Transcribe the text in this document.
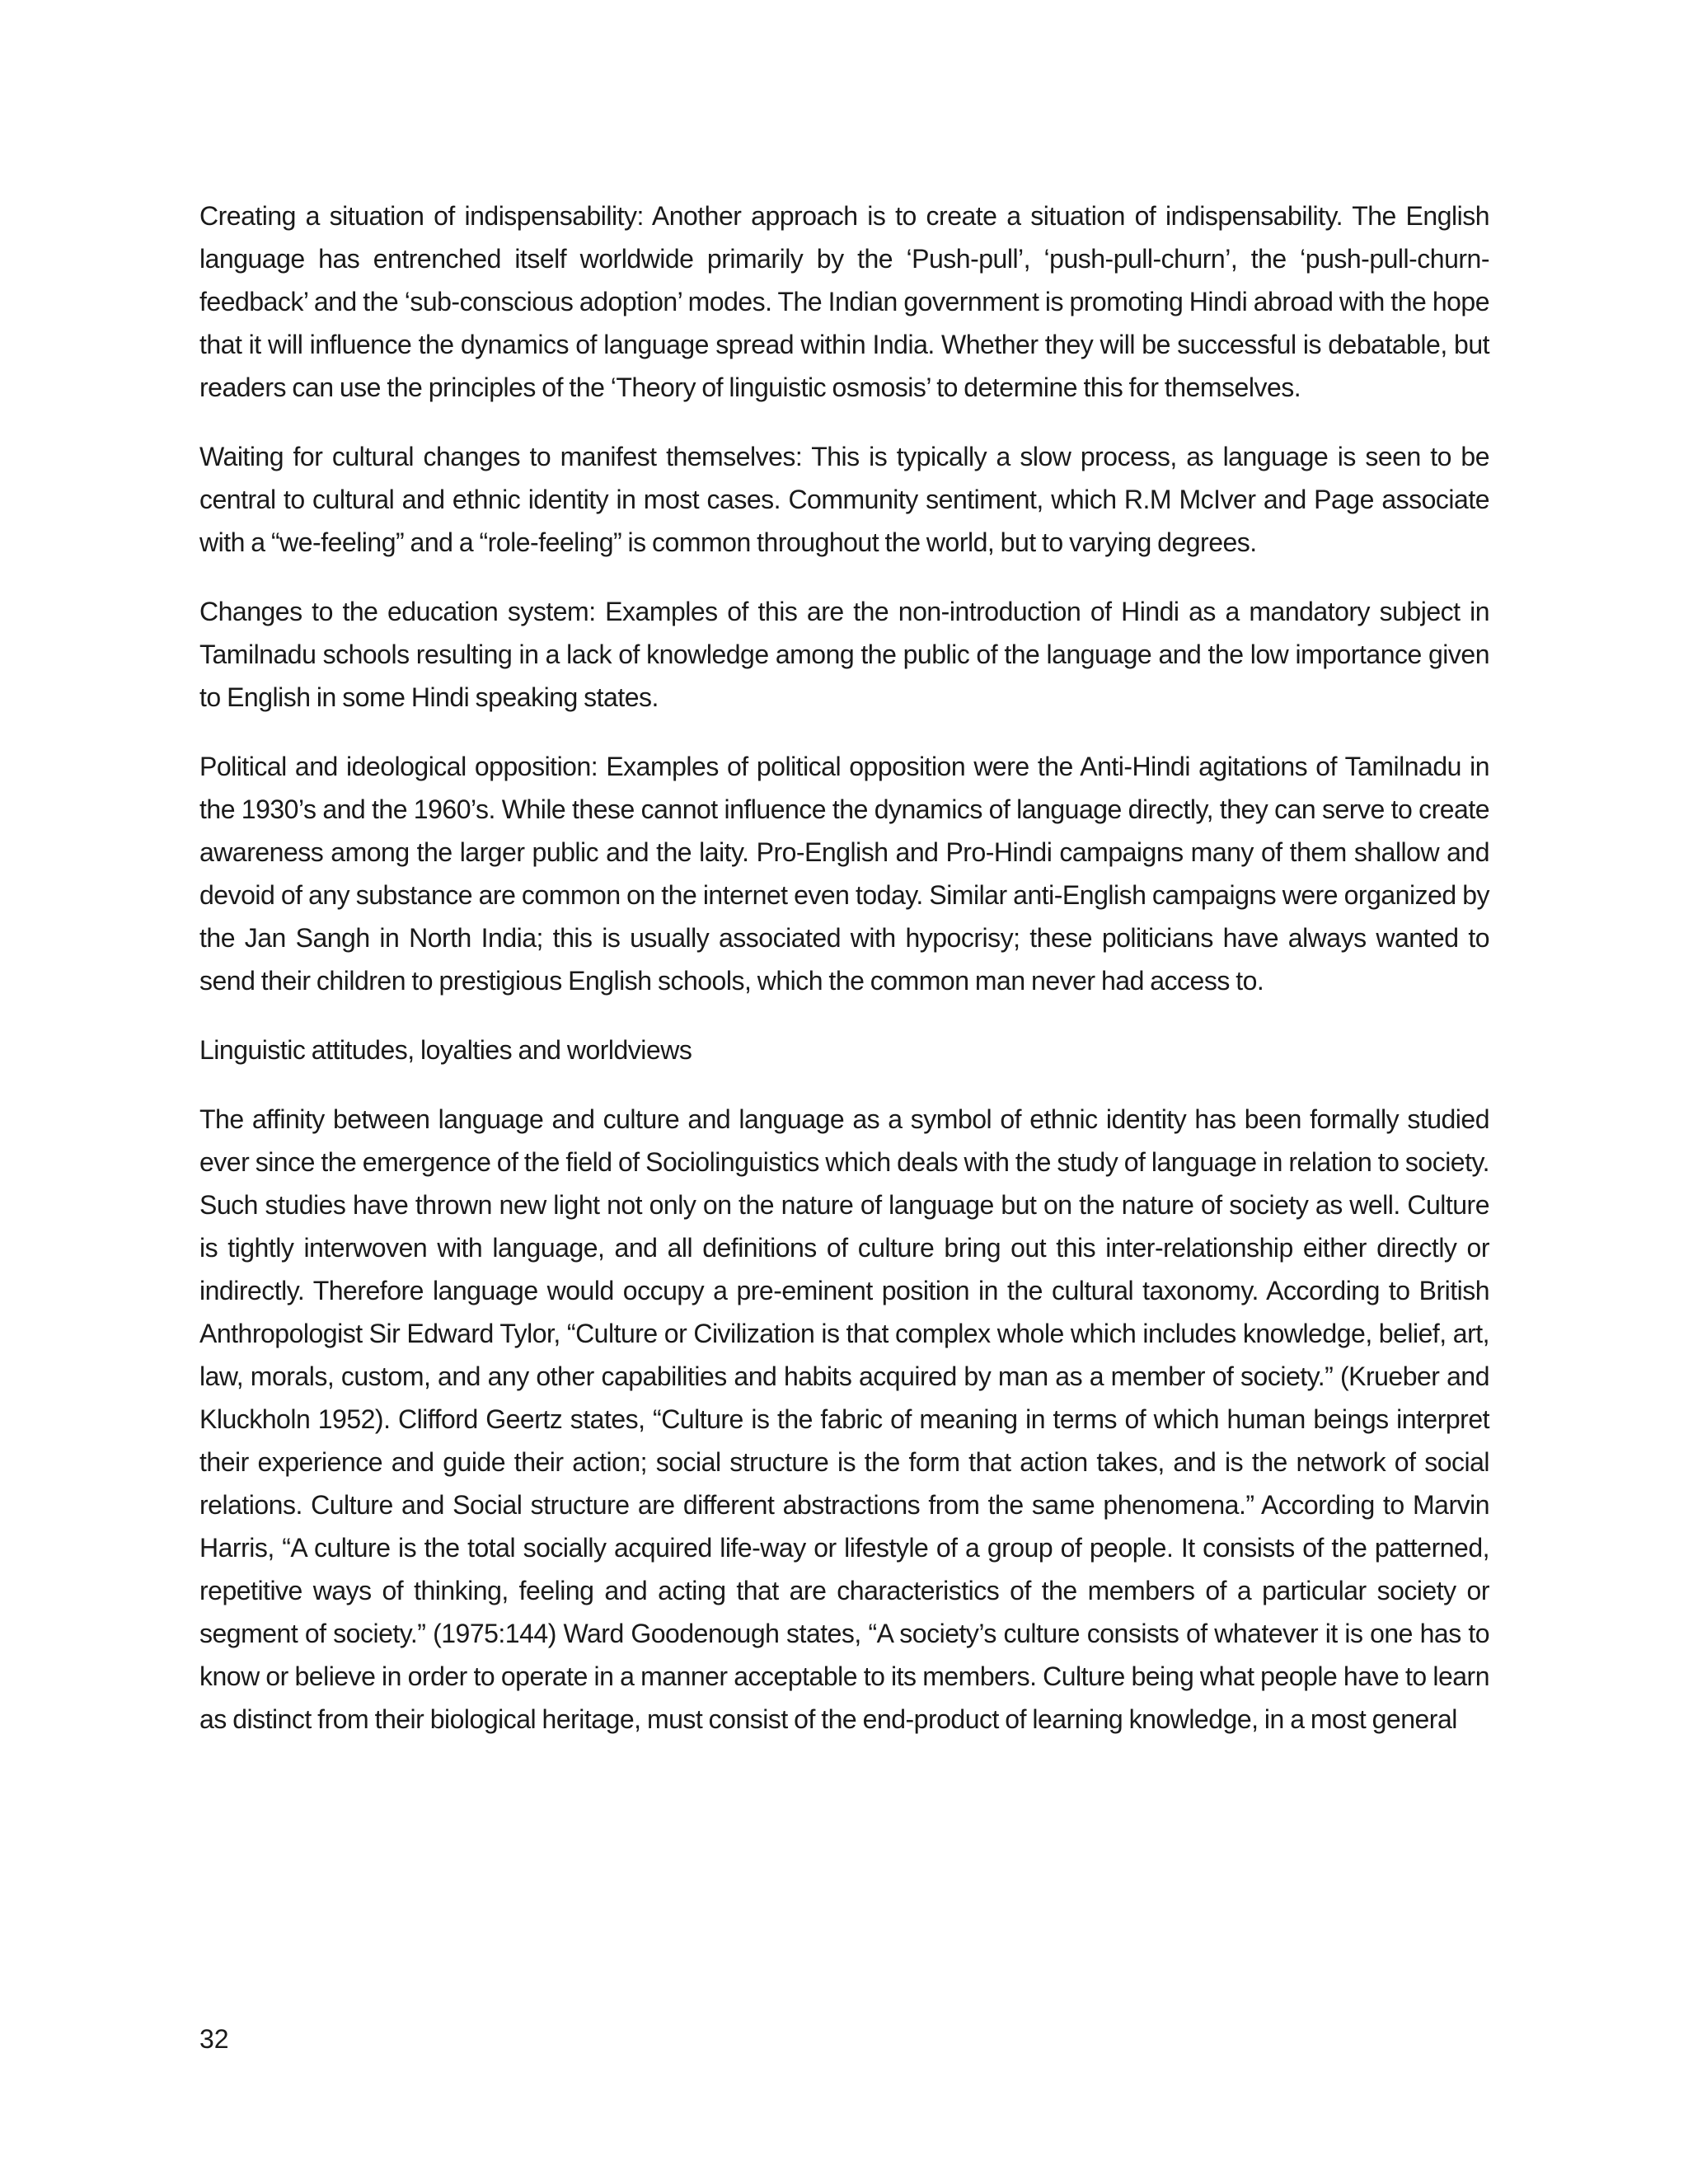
Creating a situation of indispensability: Another approach is to create a situation of indispensability. The English language has entrenched itself worldwide primarily by the ‘Push-pull’, ‘push-pull-churn’, the ‘push-pull-churn-feedback’ and the ‘sub-conscious adoption’ modes. The Indian government is promoting Hindi abroad with the hope that it will influence the dynamics of language spread within India. Whether they will be successful is debatable, but readers can use the principles of the ‘Theory of linguistic osmosis’ to determine this for themselves.

Waiting for cultural changes to manifest themselves: This is typically a slow process, as language is seen to be central to cultural and ethnic identity in most cases. Community sentiment, which R.M McIver and Page associate with a “we-feeling” and a “role-feeling” is common throughout the world, but to varying degrees.

Changes to the education system: Examples of this are the non-introduction of Hindi as a mandatory subject in Tamilnadu schools resulting in a lack of knowledge among the public of the language and the low importance given to English in some Hindi speaking states.

Political and ideological opposition: Examples of political opposition were the Anti-Hindi agitations of Tamilnadu in the 1930’s and the 1960’s. While these cannot influence the dynamics of language directly, they can serve to create awareness among the larger public and the laity. Pro-English and Pro-Hindi campaigns many of them shallow and devoid of any substance are common on the internet even today. Similar anti-English campaigns were organized by the Jan Sangh in North India; this is usually associated with hypocrisy; these politicians have always wanted to send their children to prestigious English schools, which the common man never had access to.

Linguistic attitudes, loyalties and worldviews

The affinity between language and culture and language as a symbol of ethnic identity has been formally studied ever since the emergence of the field of Sociolinguistics which deals with the study of language in relation to society. Such studies have thrown new light not only on the nature of language but on the nature of society as well. Culture is tightly interwoven with language, and all definitions of culture bring out this inter-relationship either directly or indirectly. Therefore language would occupy a pre-eminent position in the cultural taxonomy. According to British Anthropologist Sir Edward Tylor, “Culture or Civilization is that complex whole which includes knowledge, belief, art, law, morals, custom, and any other capabilities and habits acquired by man as a member of society.” (Krueber and Kluckholn 1952). Clifford Geertz states, “Culture is the fabric of meaning in terms of which human beings interpret their experience and guide their action; social structure is the form that action takes, and is the network of social relations. Culture and Social structure are different abstractions from the same phenomena.” According to Marvin Harris, “A culture is the total socially acquired life-way or lifestyle of a group of people. It consists of the patterned, repetitive ways of thinking, feeling and acting that are characteristics of the members of a particular society or segment of society.” (1975:144) Ward Goodenough states, “A society’s culture consists of whatever it is one has to know or believe in order to operate in a manner acceptable to its members. Culture being what people have to learn as distinct from their biological heritage, must consist of the end-product of learning knowledge, in a most general

32
